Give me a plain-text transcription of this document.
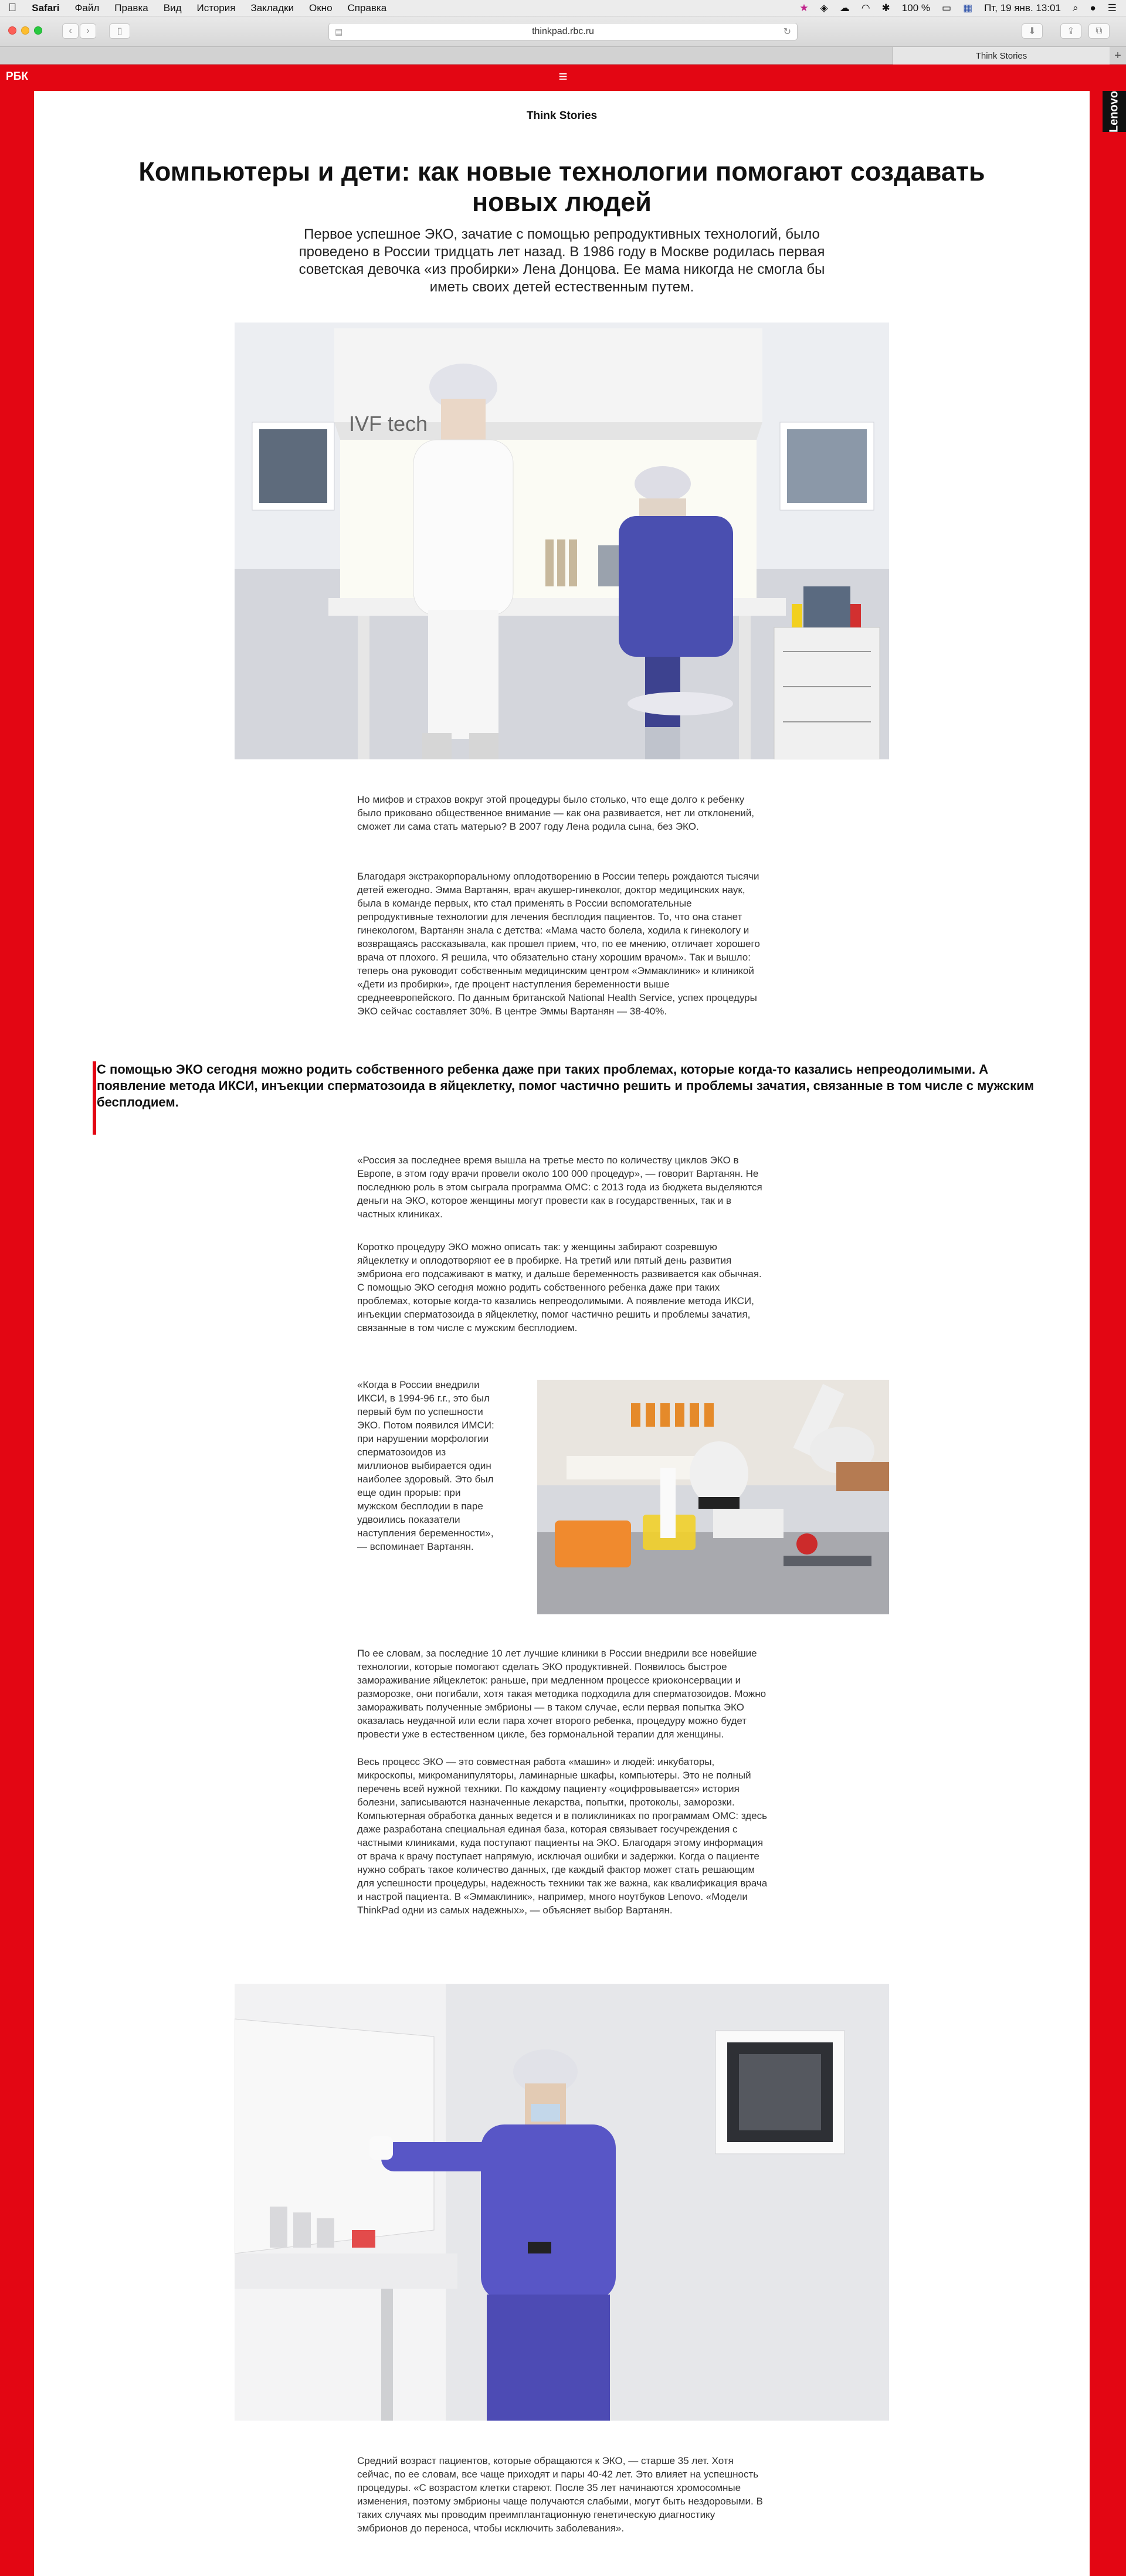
Safari Файл Правка Вид История Закладки Окно Справка	★ ◈ ☁ ◠ ✱ 100 % ▭ ▦ Пт, 19 янв. 13:01 ⌕ ● ☰
‹	›	▯	▤	thinkpad.rbc.ru	↻	⬇	⇪	⧉
Think Stories	+
РБК	≡
Lenovo
Think Stories
Компьютеры и дети: как новые технологии помогают создавать новых людей
Первое успешное ЭКО, зачатие с помощью репродуктивных технологий, было проведено в России тридцать лет назад. В 1986 году в Москве родилась первая советская девочка «из пробирки» Лена Донцова. Ее мама никогда не смогла бы иметь своих детей естественным путем.
IVF tech

Но мифов и страхов вокруг этой процедуры было столько, что еще долго к ребенку было приковано общественное внимание — как она развивается, нет ли отклонений, сможет ли сама стать матерью? В 2007 году Лена родила сына, без ЭКО.

Благодаря экстракорпоральному оплодотворению в России теперь рождаются тысячи детей ежегодно. Эмма Вартанян, врач акушер-гинеколог, доктор медицинских наук, была в команде первых, кто стал применять в России вспомогательные репродуктивные технологии для лечения бесплодия пациентов. То, что она станет гинекологом, Вартанян знала с детства: «Мама часто болела, ходила к гинекологу и возвращаясь рассказывала, как прошел прием, что, по ее мнению, отличает хорошего врача от плохого. Я решила, что обязательно стану хорошим врачом». Так и вышло: теперь она руководит собственным медицинским центром «Эммаклиник» и клиникой «Дети из пробирки», где процент наступления беременности выше среднеевропейского. По данным британской National Health Service, успех процедуры ЭКО сейчас составляет 30%. В центре Эммы Вартанян — 38-40%.

С помощью ЭКО сегодня можно родить собственного ребенка даже при таких проблемах, которые когда-то казались непреодолимыми. А появление метода ИКСИ, инъекции сперматозоида в яйцеклетку, помог частично решить и проблемы зачатия, связанные в том числе с мужским бесплодием.

«Россия за последнее время вышла на третье место по количеству циклов ЭКО в Европе, в этом году врачи провели около 100 000 процедур», — говорит Вартанян. Не последнюю роль в этом сыграла программа ОМС: с 2013 года из бюджета выделяются деньги на ЭКО, которое женщины могут провести как в государственных, так и в частных клиниках.

Коротко процедуру ЭКО можно описать так: у женщины забирают созревшую яйцеклетку и оплодотворяют ее в пробирке. На третий или пятый день развития эмбриона его подсаживают в матку, и дальше беременность развивается как обычная. С помощью ЭКО сегодня можно родить собственного ребенка даже при таких проблемах, которые когда-то казались непреодолимыми. А появление метода ИКСИ, инъекции сперматозоида в яйцеклетку, помог частично решить и проблемы зачатия, связанные в том числе с мужским бесплодием.

«Когда в России внедрили ИКСИ, в 1994-96 г.г., это был первый бум по успешности ЭКО. Потом появился ИМСИ: при нарушении морфологии сперматозоидов из миллионов выбирается один наиболее здоровый. Это был еще один прорыв: при мужском бесплодии в паре удвоились показатели наступления беременности», — вспоминает Вартанян.

По ее словам, за последние 10 лет лучшие клиники в России внедрили все новейшие технологии, которые помогают сделать ЭКО продуктивней. Появилось быстрое замораживание яйцеклеток: раньше, при медленном процессе криоконсервации и разморозке, они погибали, хотя такая методика подходила для сперматозоидов. Можно замораживать полученные эмбрионы — в таком случае, если первая попытка ЭКО оказалась неудачной или если пара хочет второго ребенка, процедуру можно будет провести уже в естественном цикле, без гормональной терапии для женщины.

Весь процесс ЭКО — это совместная работа «машин» и людей: инкубаторы, микроскопы, микроманипуляторы, ламинарные шкафы, компьютеры. Это не полный перечень всей нужной техники. По каждому пациенту «оцифровывается» история болезни, записываются назначенные лекарства, попытки, протоколы, заморозки. Компьютерная обработка данных ведется и в поликлиниках по программам ОМС: здесь даже разработана специальная единая база, которая связывает госучреждения с частными клиниками, куда поступают пациенты на ЭКО. Благодаря этому информация от врача к врачу поступает напрямую, исключая ошибки и задержки. Когда о пациенте нужно собрать такое количество данных, где каждый фактор может стать решающим для успешности процедуры, надежность техники так же важна, как квалификация врача и настрой пациента. В «Эммаклиник», например, много ноутбуков Lenovo. «Модели ThinkPad одни из самых надежных», — объясняет выбор Вартанян.

Средний возраст пациентов, которые обращаются к ЭКО, — старше 35 лет. Хотя сейчас, по ее словам, все чаще приходят и пары 40-42 лет. Это влияет на успешность процедуры. «С возрастом клетки стареют. После 35 лет начинаются хромосомные изменения, поэтому эмбрионы чаще получаются слабыми, могут быть нездоровыми. В таких случаях мы проводим преимплантационную генетическую диагностику эмбрионов до переноса, чтобы исключить заболевания».
